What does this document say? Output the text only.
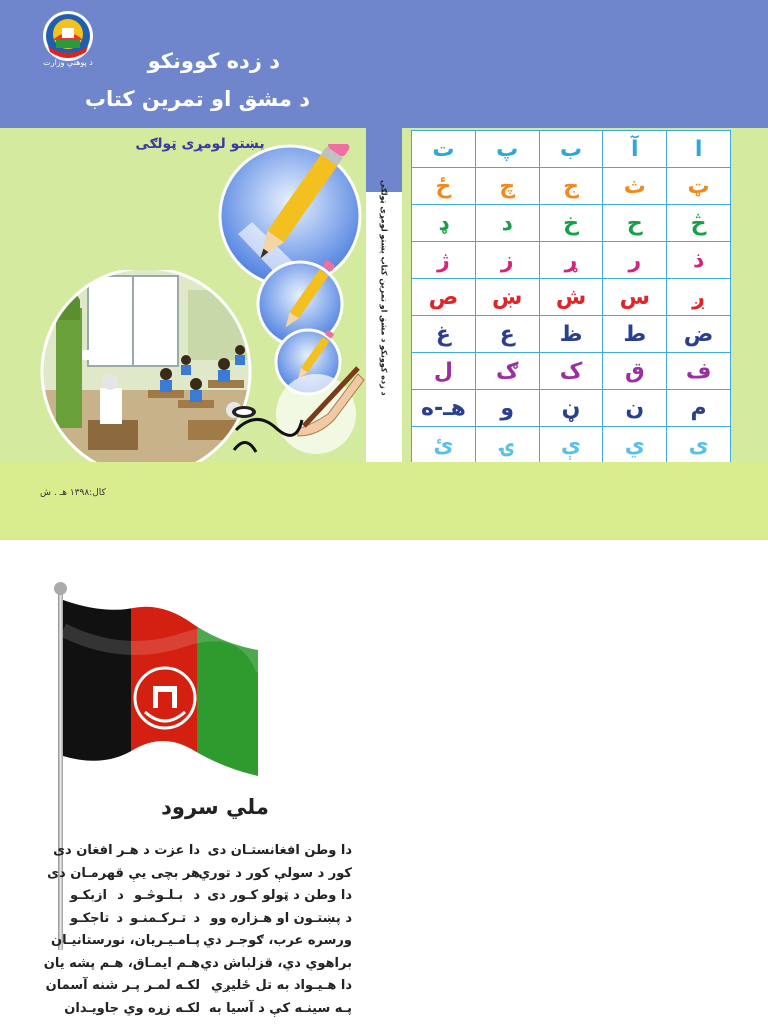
د پوهنې وزارت	د زده کوونکو
د مشق او تمرين کتاب
پښتو لومړی ټولګی
د زده کوونکو د مشق او تمرين کتاب پښتو لومړی ټولګی
ت	پ	ب	آ	ا
ځ	چ	ج	ث	ټ
ډ	د	خ	ح	څ
ژ	ز	ړ	ر	ذ
ص	ښ	ش	س	ږ
غ	ع	ظ	ط	ض
ل	ګ	ک	ق	ف
هـ-ه	و	ڼ	ن	م
ئ	ۍ	ې	ي	ی
کال:۱۳۹۸ هـ . ش
ملي سرود
دا وطن افغانستـان دی
کور د سولې کور د توري
دا وطن د ټولو کـور دی
د پښتـون او هـزاره وو
ورسره عرب، ګوجـر دي
براهوي دي، قزلباش دي
دا هـيـواد به تل ځليږي
پـه سينـه کې د آسيا به
دا عزت د هـر افغان دی
هر بچی یې قهرمـان دی
د بـلـوڅـو د ازبکـو
د تـرکـمنـو د تاجکـو
پـامـيـريان، نورستانيـان
هـم ايمـاق، هـم پشه يان
لکـه لمـر پـر شنه آسمان
لکـه زړه وي جاويـدان
